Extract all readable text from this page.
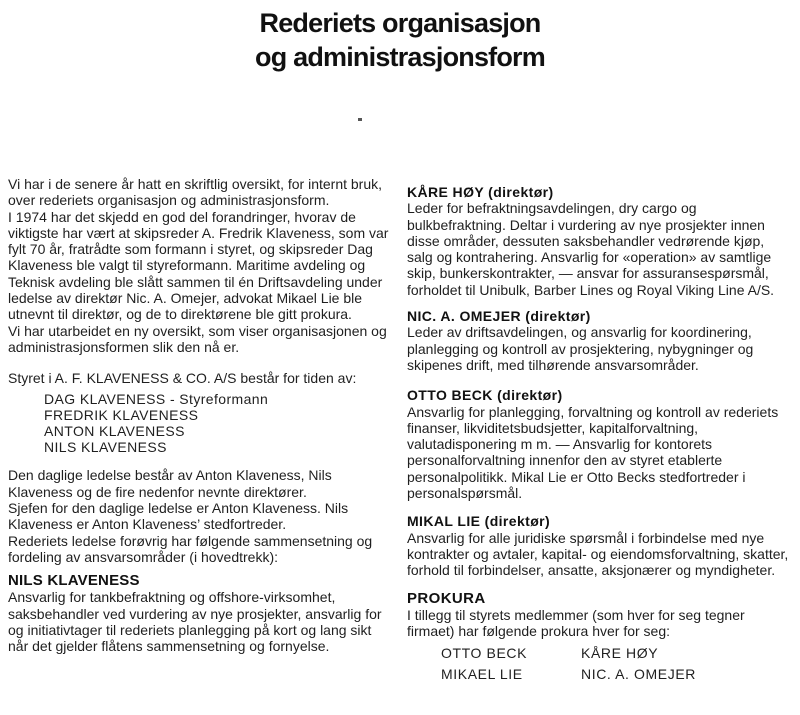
Rederiets organisasjon
og administrasjonsform

Vi har i de senere år hatt en skriftlig oversikt, for internt bruk, over rederiets organisasjon og administrasjonsform.

I 1974 har det skjedd en god del forandringer, hvorav de viktigste har vært at skipsreder A. Fredrik Klaveness, som var fylt 70 år, fratrådte som formann i styret, og skipsreder Dag Klaveness ble valgt til styreformann. Maritime avdeling og Teknisk avdeling ble slått sammen til én Driftsavdeling under ledelse av direktør Nic. A. Omejer, advokat Mikael Lie ble utnevnt til direktør, og de to direktørene ble gitt prokura.

Vi har utarbeidet en ny oversikt, som viser organisasjonen og administrasjonsformen slik den nå er.

Styret i A. F. KLAVENESS & CO. A/S består for tiden av:

DAG KLAVENESS - Styreformann
FREDRIK KLAVENESS
ANTON KLAVENESS
NILS KLAVENESS

Den daglige ledelse består av Anton Klaveness, Nils Klaveness og de fire nedenfor nevnte direktører.

Sjefen for den daglige ledelse er Anton Klaveness. Nils Klaveness er Anton Klaveness’ stedfortreder.

Rederiets ledelse forøvrig har følgende sammensetning og fordeling av ansvarsområder (i hovedtrekk):

NILS KLAVENESS

Ansvarlig for tankbefraktning og offshore-virksomhet, saksbehandler ved vurdering av nye prosjekter, ansvarlig for og initiativtager til rederiets planlegging på kort og lang sikt når det gjelder flåtens sammensetning og fornyelse.

KÅRE HØY (direktør)

Leder for befraktningsavdelingen, dry cargo og bulkbefraktning. Deltar i vurdering av nye prosjekter innen disse områder, dessuten saksbehandler vedrørende kjøp, salg og kontrahering. Ansvarlig for «operation» av samtlige skip, bunkerskontrakter, — ansvar for assuransespørsmål, forholdet til Unibulk, Barber Lines og Royal Viking Line A/S.

NIC. A. OMEJER (direktør)

Leder av driftsavdelingen, og ansvarlig for koordinering, planlegging og kontroll av prosjektering, nybygninger og skipenes drift, med tilhørende ansvarsområder.

OTTO BECK (direktør)

Ansvarlig for planlegging, forvaltning og kontroll av rederiets finanser, likviditetsbudsjetter, kapitalforvaltning, valutadisponering m m. — Ansvarlig for kontorets personalforvaltning innenfor den av styret etablerte personalpolitikk. Mikal Lie er Otto Becks stedfortreder i personalspørsmål.

MIKAL LIE (direktør)

Ansvarlig for alle juridiske spørsmål i forbindelse med nye kontrakter og avtaler, kapital- og eiendomsforvaltning, skatter, forhold til forbindelser, ansatte, aksjonærer og myndigheter.

PROKURA

I tillegg til styrets medlemmer (som hver for seg tegner firmaet) har følgende prokura hver for seg:

OTTO BECK	KÅRE HØY
MIKAEL LIE	NIC. A. OMEJER
